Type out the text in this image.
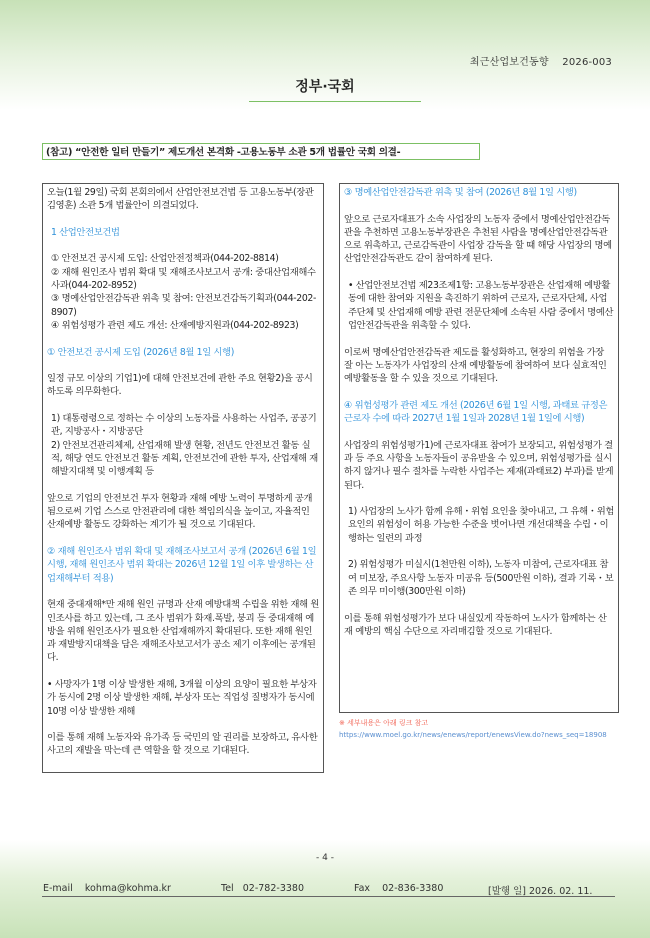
최근산업보건동향    2026-003
정부·국회
(참고) “안전한 일터 만들기” 제도개선 본격화 -고용노동부 소관 5개 법률안 국회 의결-

오늘(1월 29일) 국회 본회의에서 산업안전보건법 등 고용노동부(장관 김영훈) 소관 5개 법률안이 의결되었다.

1 산업안전보건법

① 안전보건 공시제 도입: 산업안전정책과(044-202-8814)

② 재해 원인조사 범위 확대 및 재해조사보고서 공개: 중대산업재해수사과(044-202-8952)

③ 명예산업안전감독관 위촉 및 참여: 안전보건감독기획과(044-202-8907)

④ 위험성평가 관련 제도 개선: 산재예방지원과(044-202-8923)

① 안전보건 공시제 도입 (2026년 8월 1일 시행)

일정 규모 이상의 기업1)에 대해 안전보건에 관한 주요 현황2)을 공시하도록 의무화한다.

1) 대통령령으로 정하는 수 이상의 노동자를 사용하는 사업주, 공공기관, 지방공사・지방공단

2) 안전보건관리체제, 산업재해 발생 현황, 전년도 안전보건 활동 실적, 해당 연도 안전보건 활동 계획, 안전보건에 관한 투자, 산업재해 재해발지대책 및 이행계획 등

앞으로 기업의 안전보건 투자 현황과 재해 예방 노력이 투명하게 공개됨으로써 기업 스스로 안전관리에 대한 책임의식을 높이고, 자율적인 산재예방 활동도 강화하는 계기가 될 것으로 기대된다.

② 재해 원인조사 범위 확대 및 재해조사보고서 공개 (2026년 6월 1일 시행, 재해 원인조사 범위 확대는 2026년 12월 1일 이후 발생하는 산업재해부터 적용)

현재 중대재해*만 재해 원인 규명과 산재 예방대책 수립을 위한 재해 원인조사를 하고 있는데, 그 조사 범위가 화재.폭발, 붕괴 등 중대재해 예방을 위해 원인조사가 필요한 산업재해까지 확대된다. 또한 재해 원인과 재발방지대책을 담은 재해조사보고서가 공소 제기 이후에는 공개된다.

• 사망자가 1명 이상 발생한 재해, 3개월 이상의 요양이 필요한 부상자가 동시에 2명 이상 발생한 재해, 부상자 또는 직업성 질병자가 동시에 10명 이상 발생한 재해

이를 통해 재해 노동자와 유가족 등 국민의 알 권리를 보장하고, 유사한 사고의 재발을 막는데 큰 역할을 할 것으로 기대된다.

③ 명예산업안전감독관 위촉 및 참여 (2026년 8월 1일 시행)

앞으로 근로자대표가 소속 사업장의 노동자 중에서 명예산업안전감독관을 추천하면 고용노동부장관은 추천된 사람을 명예산업안전감독관으로 위촉하고, 근로감독관이 사업장 감독을 할 때 해당 사업장의 명예산업안전감독관도 같이 참여하게 된다.

• 산업안전보건법 제23조제1항: 고용노동부장관은 산업재해 예방활동에 대한 참여와 지원을 촉진하기 위하여 근로자, 근로자단체, 사업주단체 및 산업재해 예방 관련 전문단체에 소속된 사람 중에서 명예산업안전감독관을 위촉할 수 있다.

이로써 명예산업안전감독관 제도를 활성화하고, 현장의 위험을 가장 잘 아는 노동자가 사업장의 산재 예방활동에 참여하여 보다 실효적인 예방활동을 할 수 있을 것으로 기대된다.

④ 위험성평가 관련 제도 개선 (2026년 6월 1일 시행, 과태료 규정은 근로자 수에 따라 2027년 1월 1일과 2028년 1월 1일에 시행)

사업장의 위험성평가1)에 근로자대표 참여가 보장되고, 위험성평가 결과 등 주요 사항을 노동자들이 공유받을 수 있으며, 위험성평가를 실시하지 않거나 필수 절차를 누락한 사업주는 제재(과태료2) 부과)를 받게 된다.

1) 사업장의 노사가 함께 유해・위험 요인을 찾아내고, 그 유해・위험 요인의 위험성이 허용 가능한 수준을 벗어나면 개선대책을 수립・이행하는 일련의 과정

2) 위험성평가 미실시(1천만원 이하), 노동자 미참여, 근로자대표 참여 미보장, 주요사항 노동자 미공유 등(500만원 이하), 결과 기록・보존 의무 미이행(300만원 이하)

이를 통해 위험성평가가 보다 내실있게 작동하여 노사가 함께하는 산재 예방의 핵심 수단으로 자리매김할 것으로 기대된다.

※ 세부내용은 아래 링크 참고
https://www.moel.go.kr/news/enews/report/enewsView.do?news_seq=18908
- 4 -
E-mail kohma@kohma.kr	Tel 02-782-3380	Fax 02-836-3380	[발행 일] 2026. 02. 11.
